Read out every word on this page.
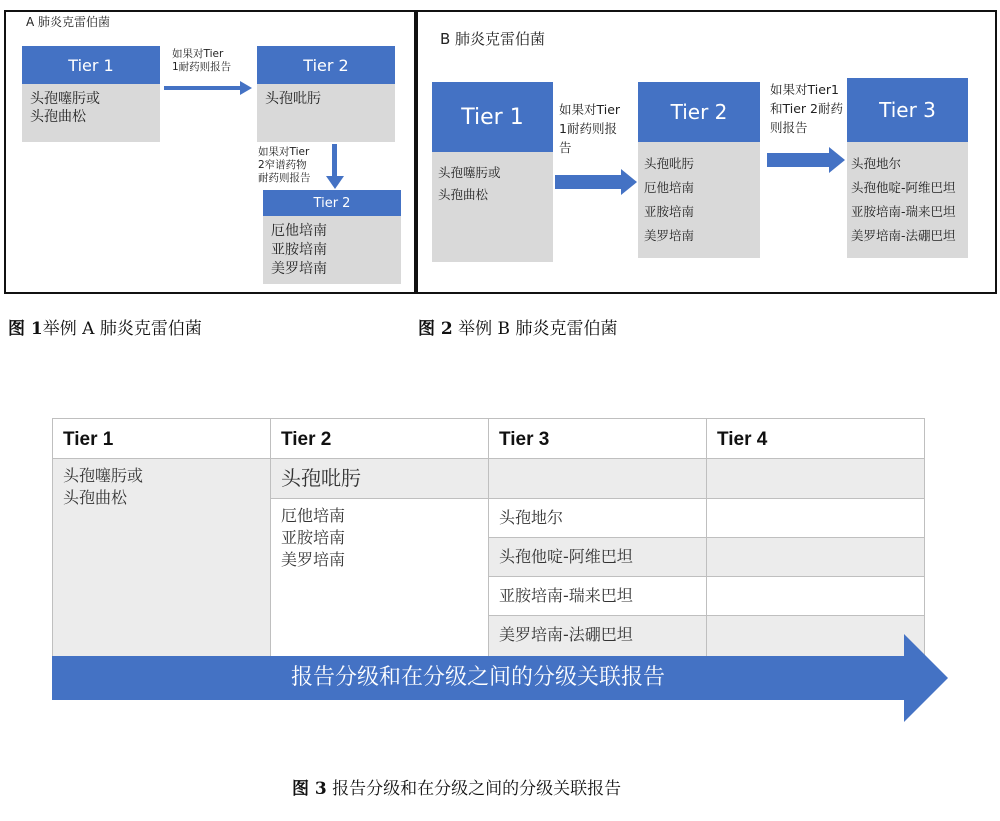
A 肺炎克雷伯菌
Tier 1
头孢噻肟或
头孢曲松
如果对Tier
1耐药则报告	Tier 2
头孢吡肟
如果对Tier
2窄谱药物
耐药则报告
Tier 2
厄他培南
亚胺培南
美罗培南
B 肺炎克雷伯菌
Tier 1
头孢噻肟或
头孢曲松
如果对Tier
1耐药则报
告
Tier 2
头孢吡肟
厄他培南
亚胺培南
美罗培南
如果对Tier1
和Tier 2耐药
则报告
Tier 3
头孢地尔
头孢他啶-阿维巴坦
亚胺培南-瑞来巴坦
美罗培南-法硼巴坦
图 1举例 A 肺炎克雷伯菌	图 2 举例 B 肺炎克雷伯菌
Tier 1	Tier 2	Tier 3	Tier 4

头孢噻肟或
头孢曲松	头孢吡肟		

	厄他培南
亚胺培南
美罗培南	头孢地尔	

		头孢他啶-阿维巴坦	

		亚胺培南-瑞来巴坦	

		美罗培南-法硼巴坦	

报告分级和在分级之间的分级关联报告
图 3 报告分级和在分级之间的分级关联报告
